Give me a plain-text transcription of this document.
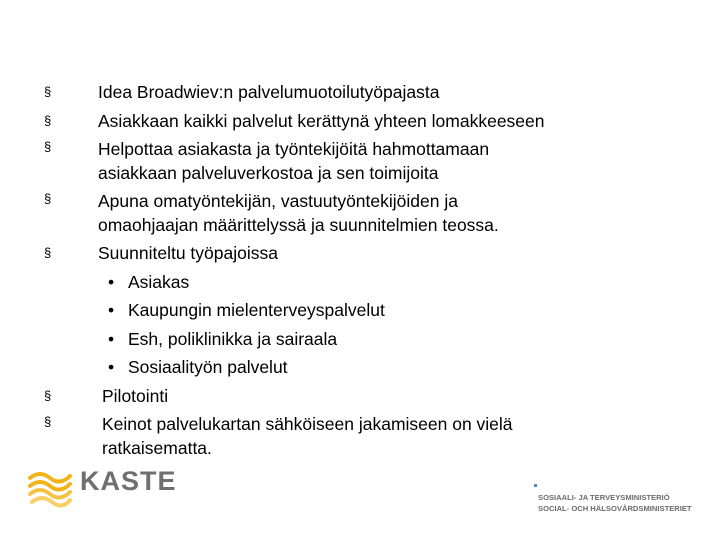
§	Idea Broadwiev:n palvelumuotoilutyöpajasta
§	Asiakkaan kaikki palvelut kerättynä yhteen lomakkeeseen
§	Helpottaa asiakasta ja työntekijöitä hahmottamaan
asiakkaan palveluverkostoa ja sen toimijoita
§	Apuna omatyöntekijän, vastuutyöntekijöiden ja
omaohjaajan määrittelyssä ja suunnitelmien teossa.
§	Suunniteltu työpajoissa
• Asiakas
• Kaupungin mielenterveyspalvelut
• Esh, poliklinikka ja sairaala
• Sosiaalityön palvelut
§	Pilotointi
§	Keinot palvelukartan sähköiseen jakamiseen on vielä
ratkaisematta.
KASTE
SOSIAALI- JA TERVEYSMINISTERIÖ
SOCIAL- OCH HÄLSOVÅRDSMINISTERIET
